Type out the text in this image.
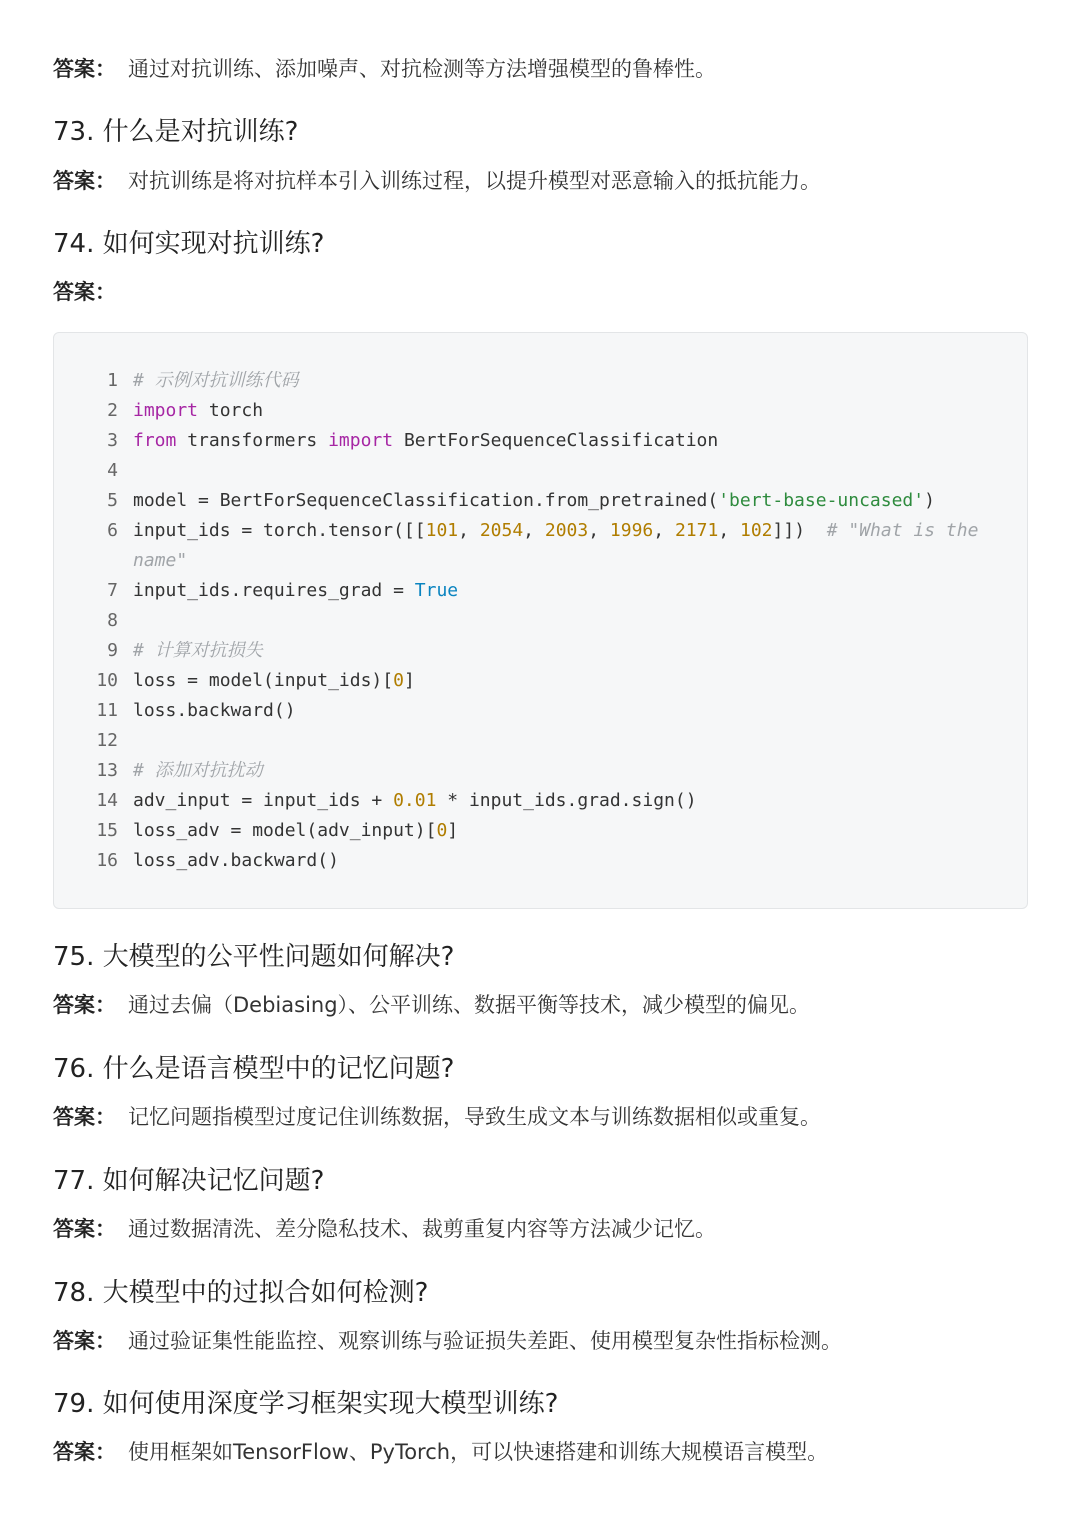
答案： 通过对抗训练、添加噪声、对抗检测等方法增强模型的鲁棒性。
73. 什么是对抗训练?
答案： 对抗训练是将对抗样本引入训练过程，以提升模型对恶意输入的抵抗能力。
74. 如何实现对抗训练?
答案：
1 # 示例对抗训练代码
2 import torch
3 from transformers import BertForSequenceClassification
4
5 model = BertForSequenceClassification.from_pretrained('bert-base-uncased')
6 input_ids = torch.tensor([[101, 2054, 2003, 1996, 2171, 102]])  # "What is the
name"
7 input_ids.requires_grad = True
8
9 # 计算对抗损失
10 loss = model(input_ids)[0]
11 loss.backward()
12
13 # 添加对抗扰动
14 adv_input = input_ids + 0.01 * input_ids.grad.sign()
15 loss_adv = model(adv_input)[0]
16 loss_adv.backward()
75. 大模型的公平性问题如何解决?
答案： 通过去偏（Debiasing）、公平训练、数据平衡等技术，减少模型的偏见。
76. 什么是语言模型中的记忆问题?
答案： 记忆问题指模型过度记住训练数据，导致生成文本与训练数据相似或重复。
77. 如何解决记忆问题?
答案： 通过数据清洗、差分隐私技术、裁剪重复内容等方法减少记忆。
78. 大模型中的过拟合如何检测?
答案： 通过验证集性能监控、观察训练与验证损失差距、使用模型复杂性指标检测。
79. 如何使用深度学习框架实现大模型训练?
答案： 使用框架如TensorFlow、PyTorch，可以快速搭建和训练大规模语言模型。
